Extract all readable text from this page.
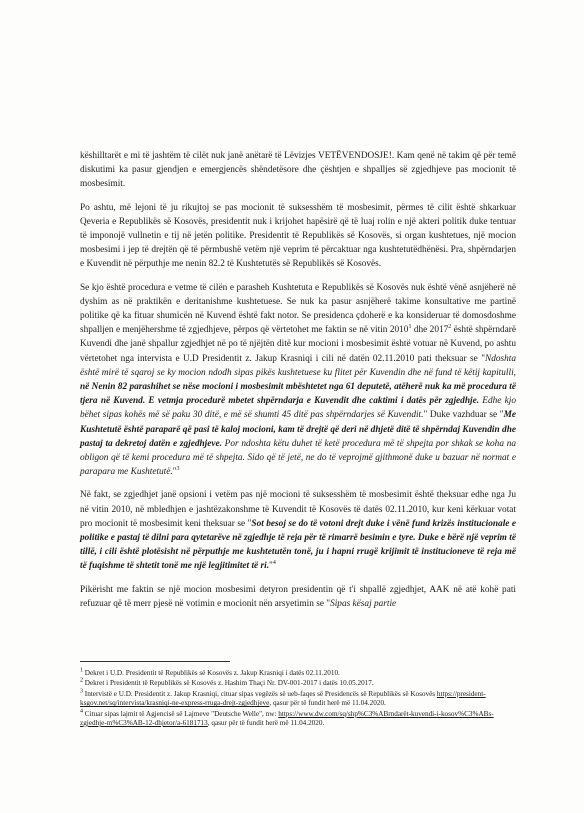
këshilltarët e mi të jashtëm të cilët nuk janë anëtarë të Lëvizjes VETËVENDOSJE!. Kam qenë në takim që për temë diskutimi ka pasur gjendjen e emergjencës shëndetësore dhe çështjen e shpalljes së zgjedhjeve pas mocionit të mosbesimit.

Po ashtu, më lejoni të ju rikujtoj se pas mocionit të suksesshëm të mosbesimit, përmes të cilit është shkarkuar Qeveria e Republikës së Kosovës, presidentit nuk i krijohet hapësirë që të luaj rolin e një akteri politik duke tentuar të imponojë vullnetin e tij në jetën politike. Presidentit të Republikës së Kosovës, si organ kushtetues, një mocion mosbesimi i jep të drejtën që të përmbushë vetëm një veprim të përcaktuar nga kushtetutëdhënësi. Pra, shpërndarjen e Kuvendit në përputhje me nenin 82.2 të Kushtetutës së Republikës së Kosovës.

Se kjo është procedura e vetme të cilën e parasheh Kushtetuta e Republikës së Kosovës nuk është vënë asnjëherë në dyshim as në praktikën e deritanishme kushtetuese. Se nuk ka pasur asnjëherë takime konsultative me partinë politike që ka fituar shumicën në Kuvend është fakt notor. Se presidenca çdoherë e ka konsideruar të domosdoshme shpalljen e menjëhershme të zgjedhjeve, përpos që vërtetohet me faktin se në vitin 2010$^1$ dhe 2017$^2$ është shpërndarë Kuvendi dhe janë shpallur zgjedhjet në po të njëjtën ditë kur mocioni i mosbesimit është votuar në Kuvend, po ashtu vërtetohet nga intervista e U.D Presidentit z. Jakup Krasniqi i cili në datën 02.11.2010 pati theksuar se "Ndoshta është mirë të sqaroj se ky mocion ndodh sipas pikës kushtetuese ku flitet për Kuvendin dhe në fund të këtij kapitulli, në Nenin 82 parashihet se nëse mocioni i mosbesimit mbështetet nga 61 deputetë, atëherë nuk ka më procedura të tjera në Kuvend. E vetmja procedurë mbetet shpërndarja e Kuvendit dhe caktimi i datës për zgjedhje. Edhe kjo bëhet sipas kohës më së paku 30 ditë, e më së shumti 45 ditë pas shpërndarjes së Kuvendit." Duke vazhduar se "Me Kushtetutë është paraparë që pasi të kaloj mocioni, kam të drejtë që deri në dhjetë ditë të shpërndaj Kuvendin dhe pastaj ta dekretoj datën e zgjedhjeve. Por ndoshta këtu duhet të ketë procedura më të shpejta por shkak se koha na obligon që të kemi procedura më të shpejta. Sido që të jetë, ne do të veprojmë gjithmonë duke u bazuar në normat e parapara me Kushtetutë."$^3$

Në fakt, se zgjedhjet janë opsioni i vetëm pas një mocioni të suksesshëm të mosbesimit është theksuar edhe nga Ju në vitin 2010, në mbledhjen e jashtëzakonshme të Kuvendit të Kosovës të datës 02.11.2010, kur keni kërkuar votat pro mocionit të mosbesimit keni theksuar se "Sot besoj se do të votoni drejt duke i vënë fund krizës institucionale e politike e pastaj të dilni para qytetarëve në zgjedhje të reja për të rimarrë besimin e tyre. Duke e bërë një veprim të tillë, i cili është plotësisht në përputhje me kushtetutën tonë, ju i hapni rrugë krijimit të institucioneve të reja më të fuqishme të shtetit tonë me një legjitimitet të ri."$^4$

Pikërisht me faktin se një mocion mosbesimi detyron presidentin që t'i shpallë zgjedhjet, AAK në atë kohë pati refuzuar që të merr pjesë në votimin e mocionit nën arsyetimin se "Sipas kësaj partie

$^1$ Dekret i U.D. Presidentit të Republikës së Kosovës z. Jakup Krasniqi i datës 02.11.2010.

$^2$ Dekret i Presidentit të Republikës së Kosovës z. Hashim Thaçi Nr. DV-001-2017 i datës 10.05.2017.

$^3$ Intervistë e U.D. Presidentit z. Jakup Krasniqi, cituar sipas vegëzës së ueb-faqes së Presidencës së Republikës së Kosovës https://president-ksgov.net/sq/intervista/krasniqi-ne-express-rruga-drejt-zgjedhjeve, qasur për të fundit herë më 11.04.2020.

$^4$ Cituar sipas lajmit të Agjencisë së Lajmeve "Deutsche Welle", nw: https://www.dw.com/sq/shp%C3%ABrndarët-kuvendi-i-kosov%C3%ABs-zgjedhje-m%C3%AB-12-dhjetor/a-6181713, qasur për të fundit herë më 11.04.2020.
